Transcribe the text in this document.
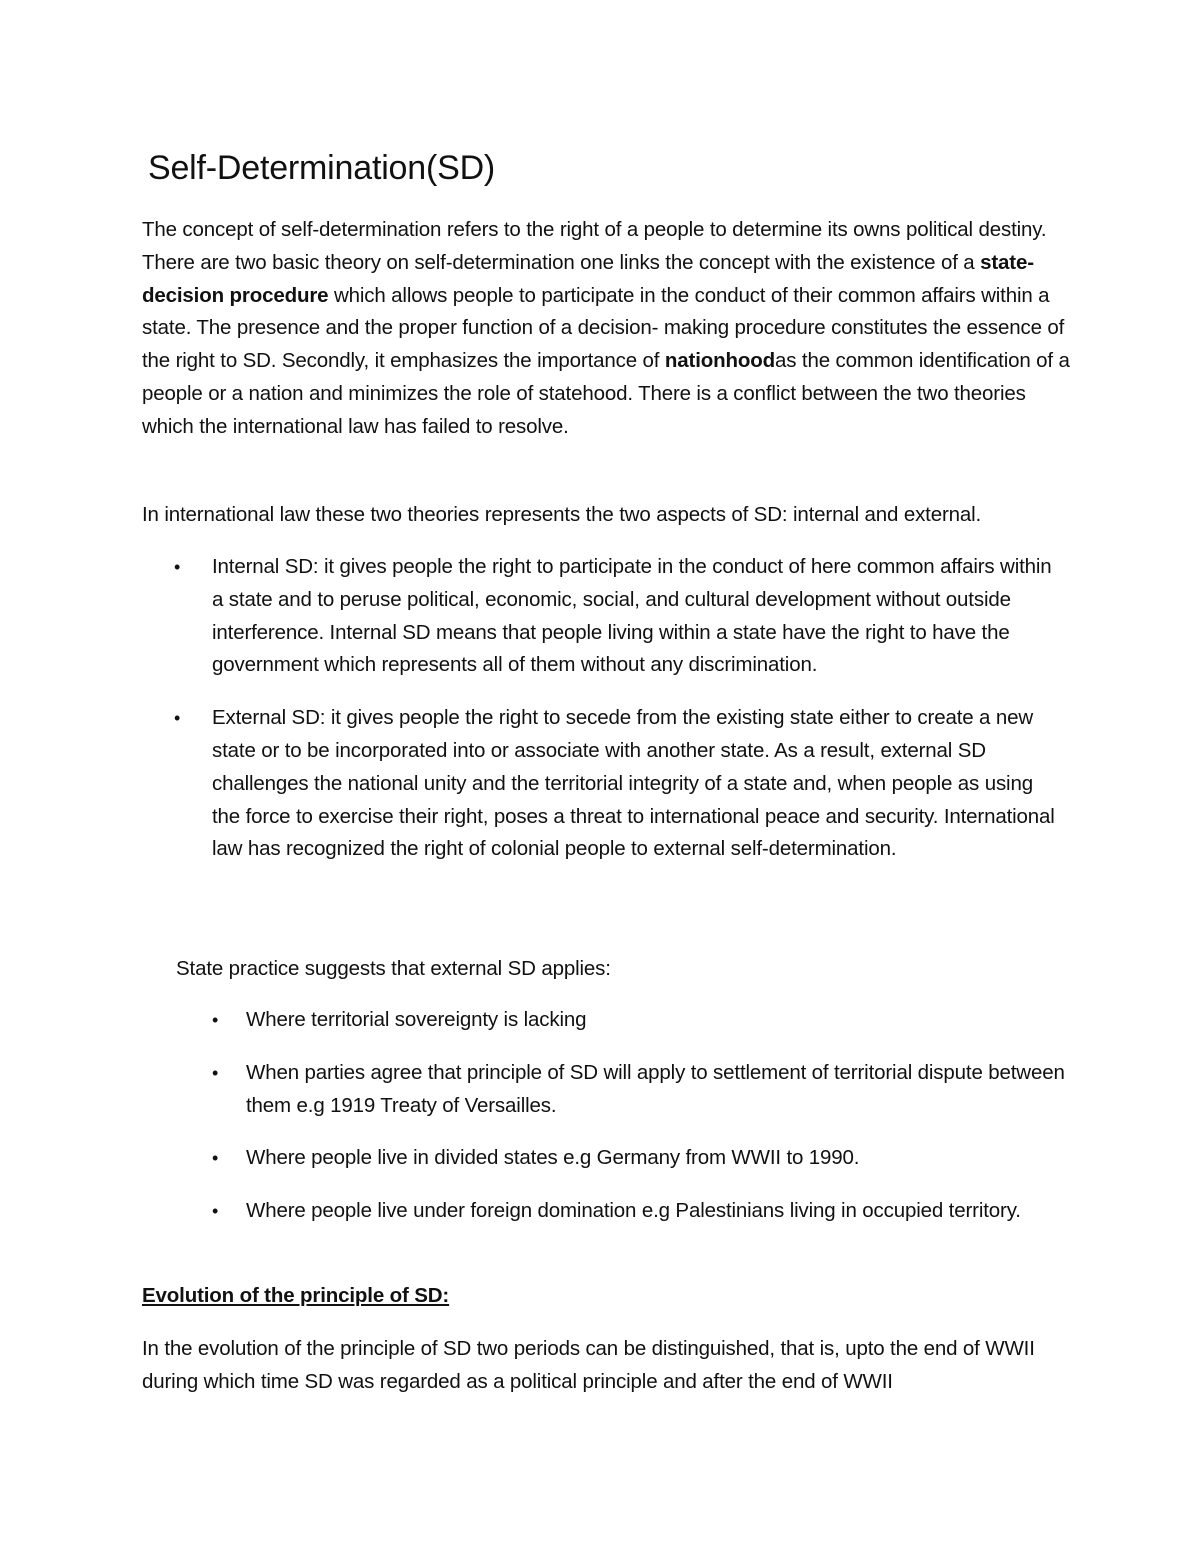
Self-Determination(SD)

The concept of self-determination refers to the right of a people to determine its owns political destiny. There are two basic theory on self-determination one links the concept with the existence of a state-decision procedure which allows people to participate in the conduct of their common affairs within a state. The presence and the proper function of a decision- making procedure constitutes the essence of the right to SD. Secondly, it emphasizes the importance of nationhoodas the common identification of a people or a nation and minimizes the role of statehood. There is a conflict between the two theories which the international law has failed to resolve.

In international law these two theories represents the two aspects of SD: internal and external.

• Internal SD: it gives people the right to participate in the conduct of here common affairs within a state and to peruse political, economic, social, and cultural development without outside interference. Internal SD means that people living within a state have the right to have the government which represents all of them without any discrimination.
• External SD: it gives people the right to secede from the existing state either to create a new state or to be incorporated into or associate with another state. As a result, external SD challenges the national unity and the territorial integrity of a state and, when people as using the force to exercise their right, poses a threat to international peace and security. International law has recognized the right of colonial people to external self-determination.

State practice suggests that external SD applies:

• Where territorial sovereignty is lacking
• When parties agree that principle of SD will apply to settlement of territorial dispute between them e.g 1919 Treaty of Versailles.
• Where people live in divided states e.g Germany from WWII to 1990.
• Where people live under foreign domination e.g Palestinians living in occupied territory.
Evolution of the principle of SD:

In the evolution of the principle of SD two periods can be distinguished, that is, upto the end of WWII during which time SD was regarded as a political principle and after the end of WWII
